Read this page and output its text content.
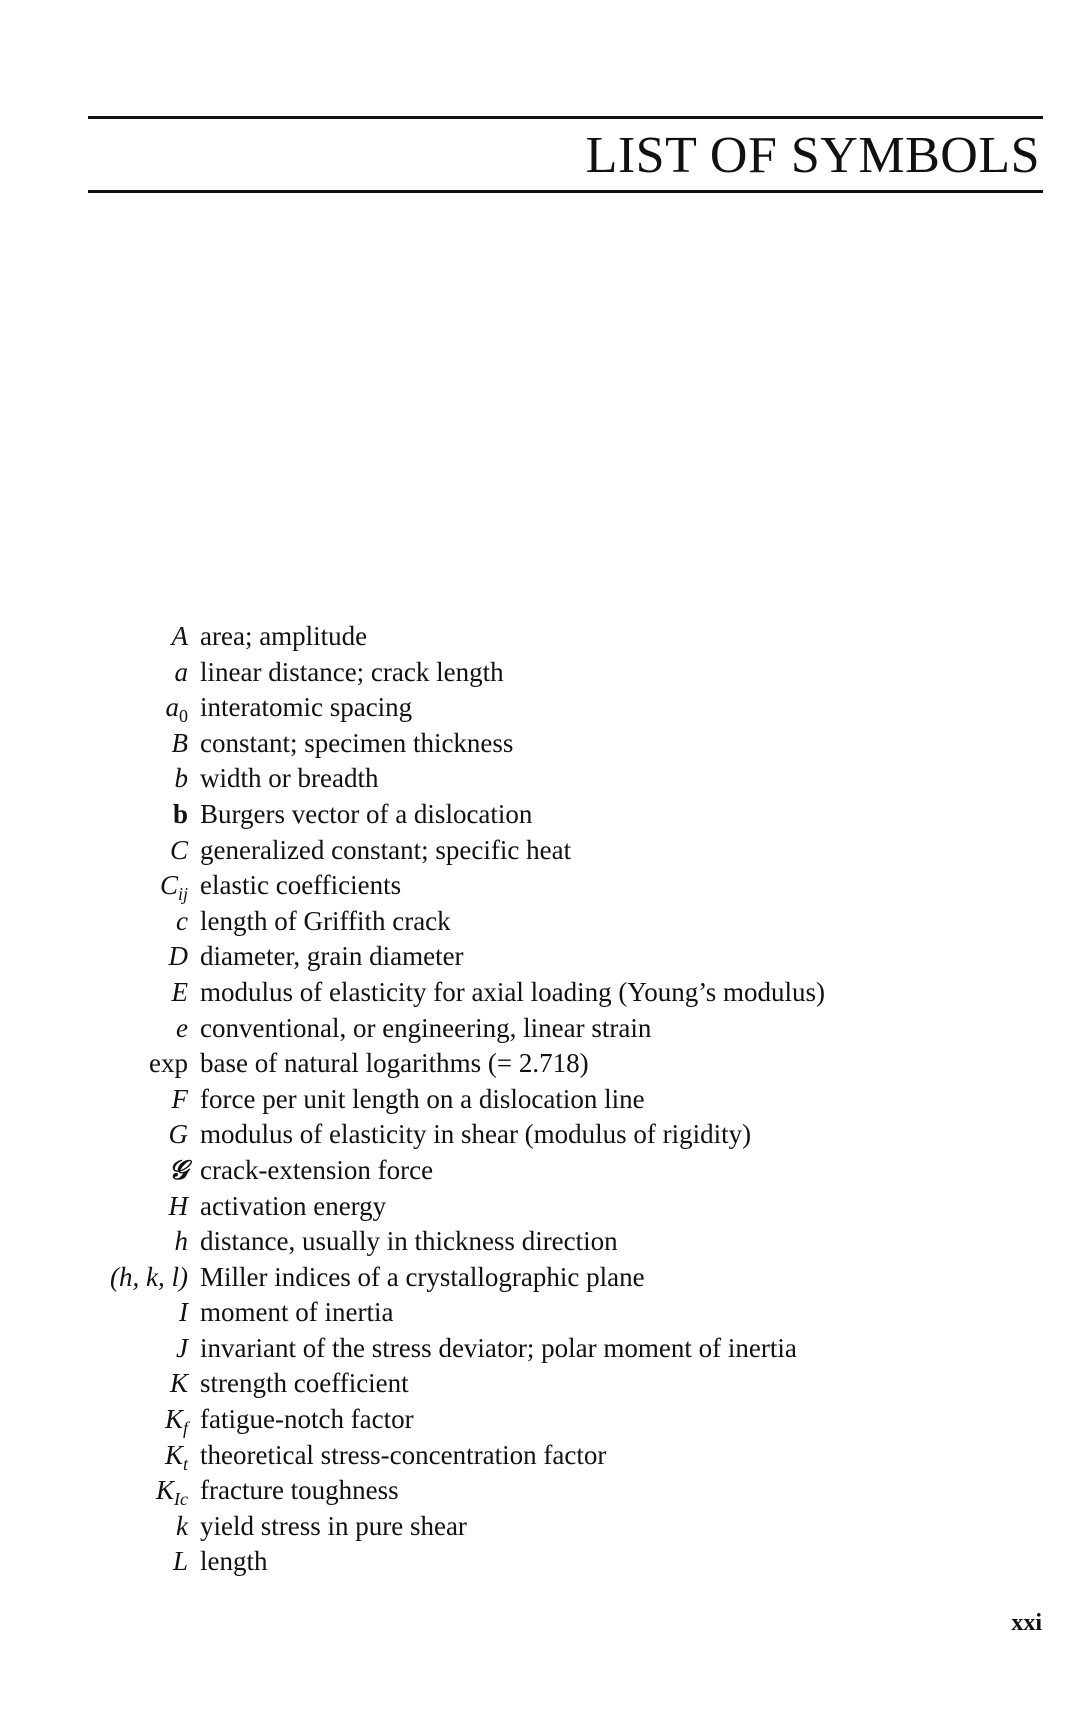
LIST OF SYMBOLS
A area; amplitude
a linear distance; crack length
$a_0$ interatomic spacing
B constant; specimen thickness
b width or breadth
b Burgers vector of a dislocation
C generalized constant; specific heat
$C_{ij}$ elastic coefficients
c length of Griffith crack
D diameter, grain diameter
E modulus of elasticity for axial loading (Young’s modulus)
e conventional, or engineering, linear strain
exp base of natural logarithms (= 2.718)
F force per unit length on a dislocation line
G modulus of elasticity in shear (modulus of rigidity)
𝒢 crack-extension force
H activation energy
h distance, usually in thickness direction
(h, k, l) Miller indices of a crystallographic plane
I moment of inertia
J invariant of the stress deviator; polar moment of inertia
K strength coefficient
$K_f$ fatigue-notch factor
$K_t$ theoretical stress-concentration factor
$K_{Ic}$ fracture toughness
k yield stress in pure shear
L length
xxi
